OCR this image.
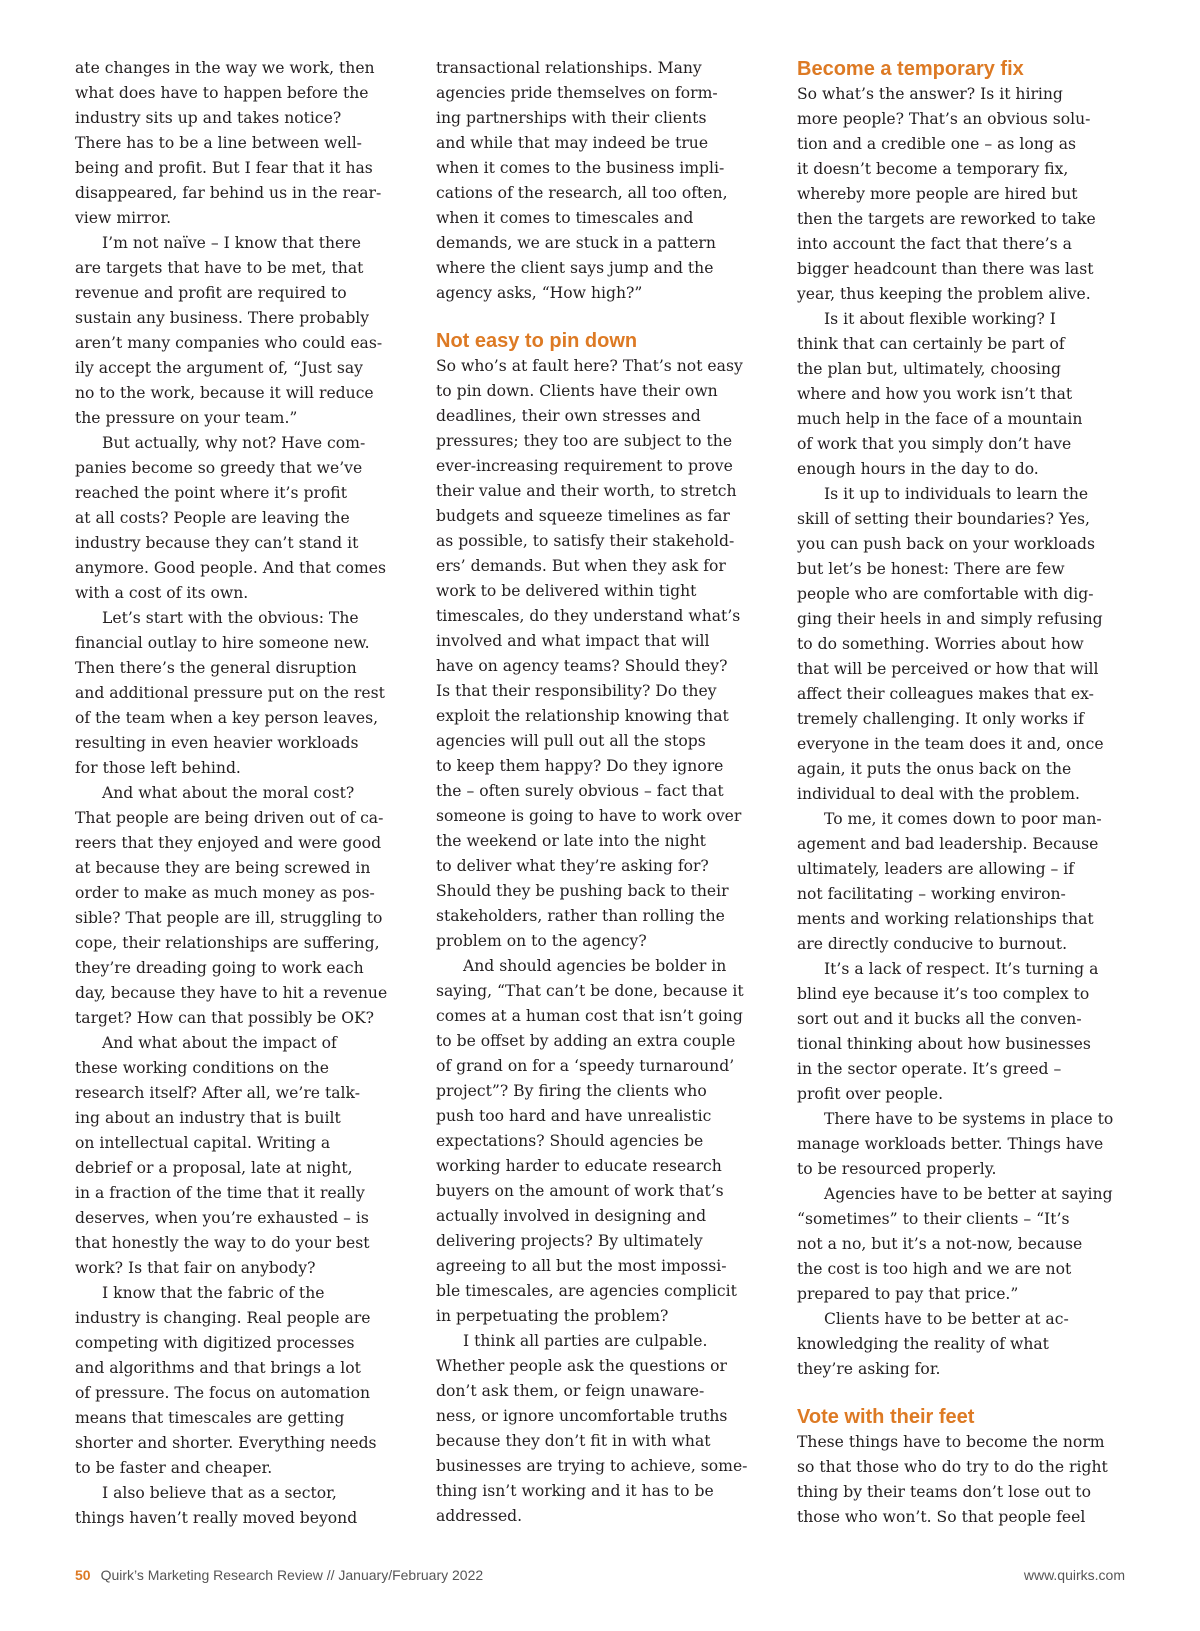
ate changes in the way we work, then
what does have to happen before the
industry sits up and takes notice?
There has to be a line between well-
being and profit. But I fear that it has
disappeared, far behind us in the rear-
view mirror.

I’m not naïve – I know that there
are targets that have to be met, that
revenue and profit are required to
sustain any business. There probably
aren’t many companies who could eas-
ily accept the argument of, “Just say
no to the work, because it will reduce
the pressure on your team.”

But actually, why not? Have com-
panies become so greedy that we’ve
reached the point where it’s profit
at all costs? People are leaving the
industry because they can’t stand it
anymore. Good people. And that comes
with a cost of its own.

Let’s start with the obvious: The
financial outlay to hire someone new.
Then there’s the general disruption
and additional pressure put on the rest
of the team when a key person leaves,
resulting in even heavier workloads
for those left behind.

And what about the moral cost?
That people are being driven out of ca-
reers that they enjoyed and were good
at because they are being screwed in
order to make as much money as pos-
sible? That people are ill, struggling to
cope, their relationships are suffering,
they’re dreading going to work each
day, because they have to hit a revenue
target? How can that possibly be OK?

And what about the impact of
these working conditions on the
research itself? After all, we’re talk-
ing about an industry that is built
on intellectual capital. Writing a
debrief or a proposal, late at night,
in a fraction of the time that it really
deserves, when you’re exhausted – is
that honestly the way to do your best
work? Is that fair on anybody?

I know that the fabric of the
industry is changing. Real people are
competing with digitized processes
and algorithms and that brings a lot
of pressure. The focus on automation
means that timescales are getting
shorter and shorter. Everything needs
to be faster and cheaper.

I also believe that as a sector,
things haven’t really moved beyond

transactional relationships. Many
agencies pride themselves on form-
ing partnerships with their clients
and while that may indeed be true
when it comes to the business impli-
cations of the research, all too often,
when it comes to timescales and
demands, we are stuck in a pattern
where the client says jump and the
agency asks, “How high?”

Not easy to pin down

So who’s at fault here? That’s not easy
to pin down. Clients have their own
deadlines, their own stresses and
pressures; they too are subject to the
ever-increasing requirement to prove
their value and their worth, to stretch
budgets and squeeze timelines as far
as possible, to satisfy their stakehold-
ers’ demands. But when they ask for
work to be delivered within tight
timescales, do they understand what’s
involved and what impact that will
have on agency teams? Should they?
Is that their responsibility? Do they
exploit the relationship knowing that
agencies will pull out all the stops
to keep them happy? Do they ignore
the – often surely obvious – fact that
someone is going to have to work over
the weekend or late into the night
to deliver what they’re asking for?
Should they be pushing back to their
stakeholders, rather than rolling the
problem on to the agency?

And should agencies be bolder in
saying, “That can’t be done, because it
comes at a human cost that isn’t going
to be offset by adding an extra couple
of grand on for a ‘speedy turnaround’
project”? By firing the clients who
push too hard and have unrealistic
expectations? Should agencies be
working harder to educate research
buyers on the amount of work that’s
actually involved in designing and
delivering projects? By ultimately
agreeing to all but the most impossi-
ble timescales, are agencies complicit
in perpetuating the problem?

I think all parties are culpable.
Whether people ask the questions or
don’t ask them, or feign unaware-
ness, or ignore uncomfortable truths
because they don’t fit in with what
businesses are trying to achieve, some-
thing isn’t working and it has to be
addressed.

Become a temporary fix

So what’s the answer? Is it hiring
more people? That’s an obvious solu-
tion and a credible one – as long as
it doesn’t become a temporary fix,
whereby more people are hired but
then the targets are reworked to take
into account the fact that there’s a
bigger headcount than there was last
year, thus keeping the problem alive.

Is it about flexible working? I
think that can certainly be part of
the plan but, ultimately, choosing
where and how you work isn’t that
much help in the face of a mountain
of work that you simply don’t have
enough hours in the day to do.

Is it up to individuals to learn the
skill of setting their boundaries? Yes,
you can push back on your workloads
but let’s be honest: There are few
people who are comfortable with dig-
ging their heels in and simply refusing
to do something. Worries about how
that will be perceived or how that will
affect their colleagues makes that ex-
tremely challenging. It only works if
everyone in the team does it and, once
again, it puts the onus back on the
individual to deal with the problem.

To me, it comes down to poor man-
agement and bad leadership. Because
ultimately, leaders are allowing – if
not facilitating – working environ-
ments and working relationships that
are directly conducive to burnout.

It’s a lack of respect. It’s turning a
blind eye because it’s too complex to
sort out and it bucks all the conven-
tional thinking about how businesses
in the sector operate. It’s greed –
profit over people.

There have to be systems in place to
manage workloads better. Things have
to be resourced properly.

Agencies have to be better at saying
“sometimes” to their clients – “It’s
not a no, but it’s a not-now, because
the cost is too high and we are not
prepared to pay that price.”

Clients have to be better at ac-
knowledging the reality of what
they’re asking for.

Vote with their feet

These things have to become the norm
so that those who do try to do the right
thing by their teams don’t lose out to
those who won’t. So that people feel

50 Quirk’s Marketing Research Review // January/February 2022	www.quirks.com
